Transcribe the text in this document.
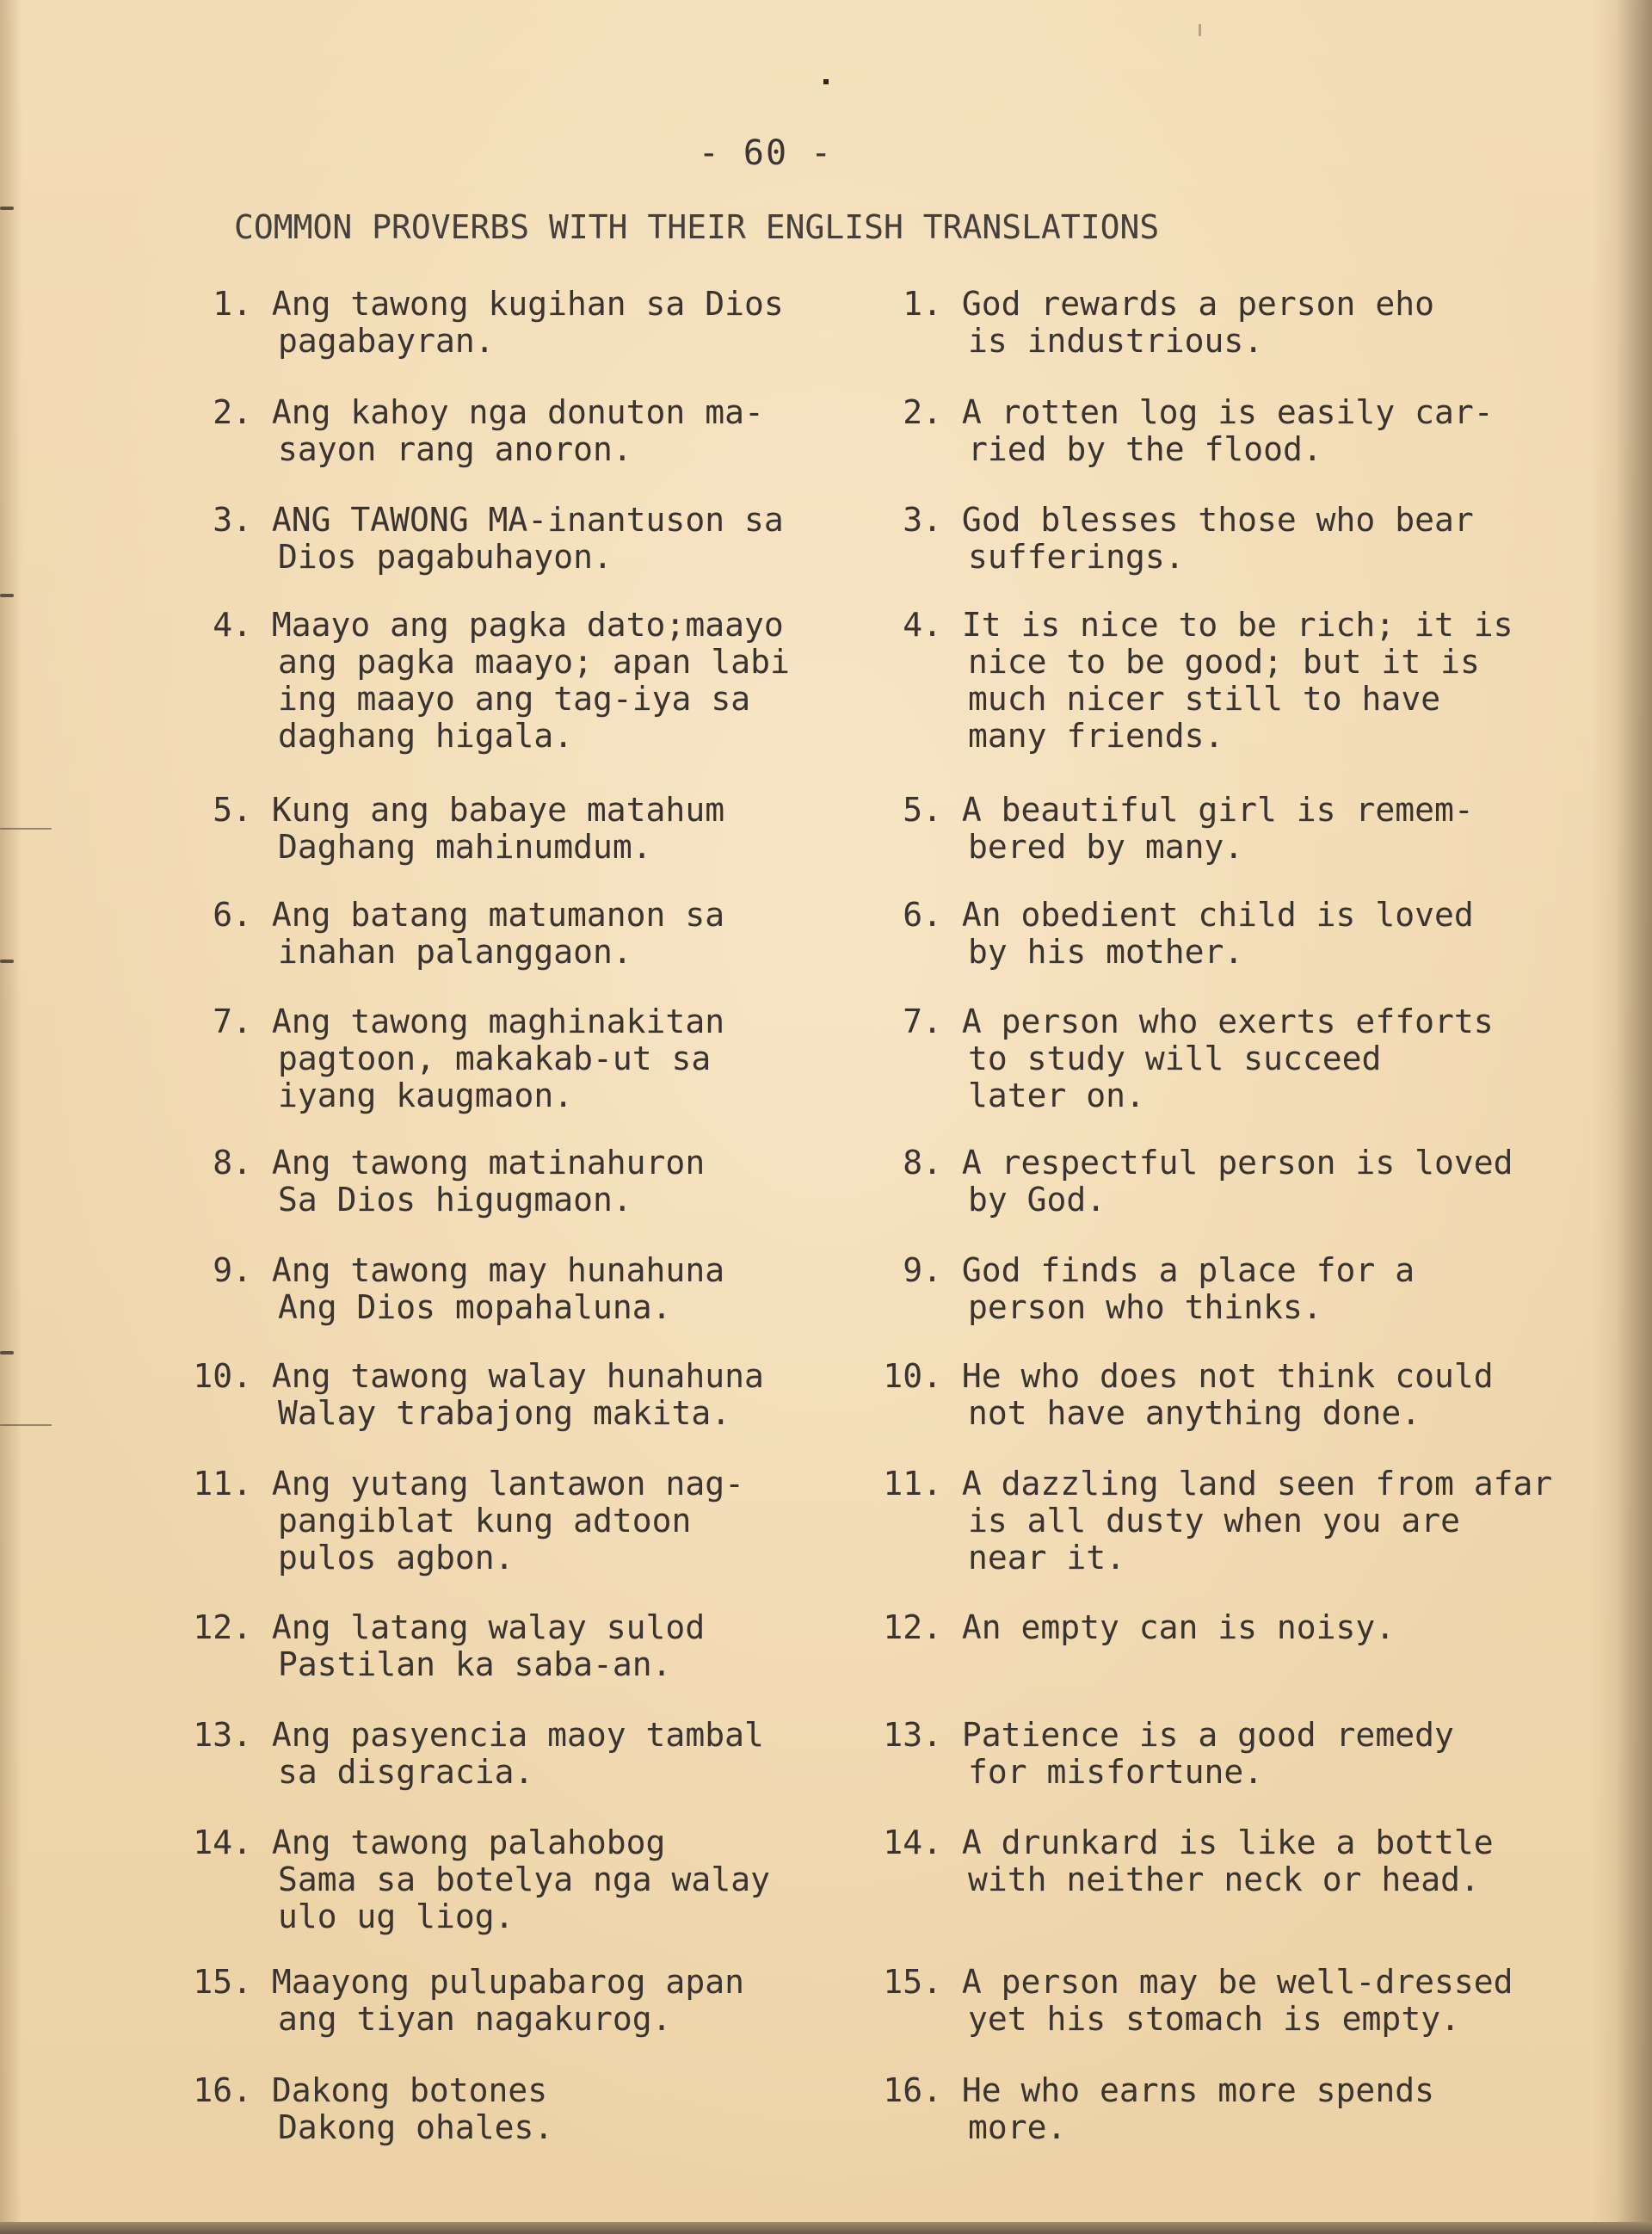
- 60 -
COMMON PROVERBS WITH THEIR ENGLISH TRANSLATIONS
1. Ang tawong kugihan sa Dios
pagabayran.
1. God rewards a person eho
is industrious.
2. Ang kahoy nga donuton ma-
sayon rang anoron.
2. A rotten log is easily car-
ried by the flood.
3. ANG TAWONG MA-inantuson sa
Dios pagabuhayon.
3. God blesses those who bear
sufferings.
4. Maayo ang pagka dato;maayo
ang pagka maayo; apan labi
ing maayo ang tag-iya sa
daghang higala.
4. It is nice to be rich; it is
nice to be good; but it is
much nicer still to have
many friends.
5. Kung ang babaye matahum
Daghang mahinumdum.
5. A beautiful girl is remem-
bered by many.
6. Ang batang matumanon sa
inahan palanggaon.
6. An obedient child is loved
by his mother.
7. Ang tawong maghinakitan
pagtoon, makakab-ut sa
iyang kaugmaon.
7. A person who exerts efforts
to study will succeed
later on.
8. Ang tawong matinahuron
Sa Dios higugmaon.
8. A respectful person is loved
by God.
9. Ang tawong may hunahuna
Ang Dios mopahaluna.
9. God finds a place for a
person who thinks.
10. Ang tawong walay hunahuna
Walay trabajong makita.
10. He who does not think could
not have anything done.
11. Ang yutang lantawon nag-
pangiblat kung adtoon
pulos agbon.
11. A dazzling land seen from afar
is all dusty when you are
near it.
12. Ang latang walay sulod
Pastilan ka saba-an.
12. An empty can is noisy.
13. Ang pasyencia maoy tambal
sa disgracia.
13. Patience is a good remedy
for misfortune.
14. Ang tawong palahobog
Sama sa botelya nga walay
ulo ug liog.
14. A drunkard is like a bottle
with neither neck or head.
15. Maayong pulupabarog apan
ang tiyan nagakurog.
15. A person may be well-dressed
yet his stomach is empty.
16. Dakong botones
Dakong ohales.
16. He who earns more spends
more.
